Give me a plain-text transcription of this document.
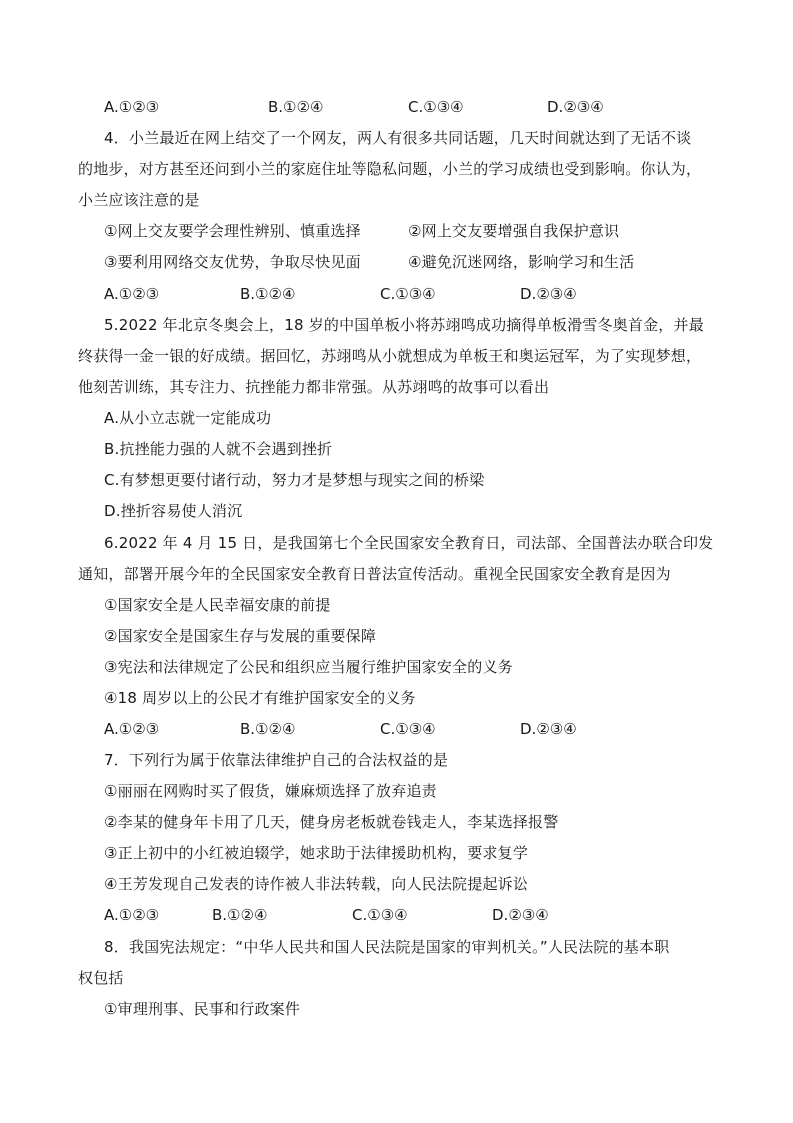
A.①②③	B.①②④	C.①③④	D.②③④
4．小兰最近在网上结交了一个网友，两人有很多共同话题，几天时间就达到了无话不谈
的地步，对方甚至还问到小兰的家庭住址等隐私问题，小兰的学习成绩也受到影响。你认为，
小兰应该注意的是
①网上交友要学会理性辨别、慎重选择	②网上交友要增强自我保护意识
③要利用网络交友优势，争取尽快见面	④避免沉迷网络，影响学习和生活
A.①②③	B.①②④	C.①③④	D.②③④
5.2022 年北京冬奥会上，18 岁的中国单板小将苏翊鸣成功摘得单板滑雪冬奥首金，并最
终获得一金一银的好成绩。据回忆，苏翊鸣从小就想成为单板王和奥运冠军，为了实现梦想，
他刻苦训练，其专注力、抗挫能力都非常强。从苏翊鸣的故事可以看出
A.从小立志就一定能成功
B.抗挫能力强的人就不会遇到挫折
C.有梦想更要付诸行动，努力才是梦想与现实之间的桥梁
D.挫折容易使人消沉
6.2022 年 4 月 15 日，是我国第七个全民国家安全教育日，司法部、全国普法办联合印发
通知，部署开展今年的全民国家安全教育日普法宣传活动。重视全民国家安全教育是因为
①国家安全是人民幸福安康的前提
②国家安全是国家生存与发展的重要保障
③宪法和法律规定了公民和组织应当履行维护国家安全的义务
④18 周岁以上的公民才有维护国家安全的义务
A.①②③	B.①②④	C.①③④	D.②③④
7．下列行为属于依靠法律维护自己的合法权益的是
①丽丽在网购时买了假货，嫌麻烦选择了放弃追责
②李某的健身年卡用了几天，健身房老板就卷钱走人，李某选择报警
③正上初中的小红被迫辍学，她求助于法律援助机构，要求复学
④王芳发现自己发表的诗作被人非法转载，向人民法院提起诉讼
A.①②③	B.①②④	C.①③④	D.②③④
8．我国宪法规定：“中华人民共和国人民法院是国家的审判机关。”人民法院的基本职
权包括
①审理刑事、民事和行政案件
